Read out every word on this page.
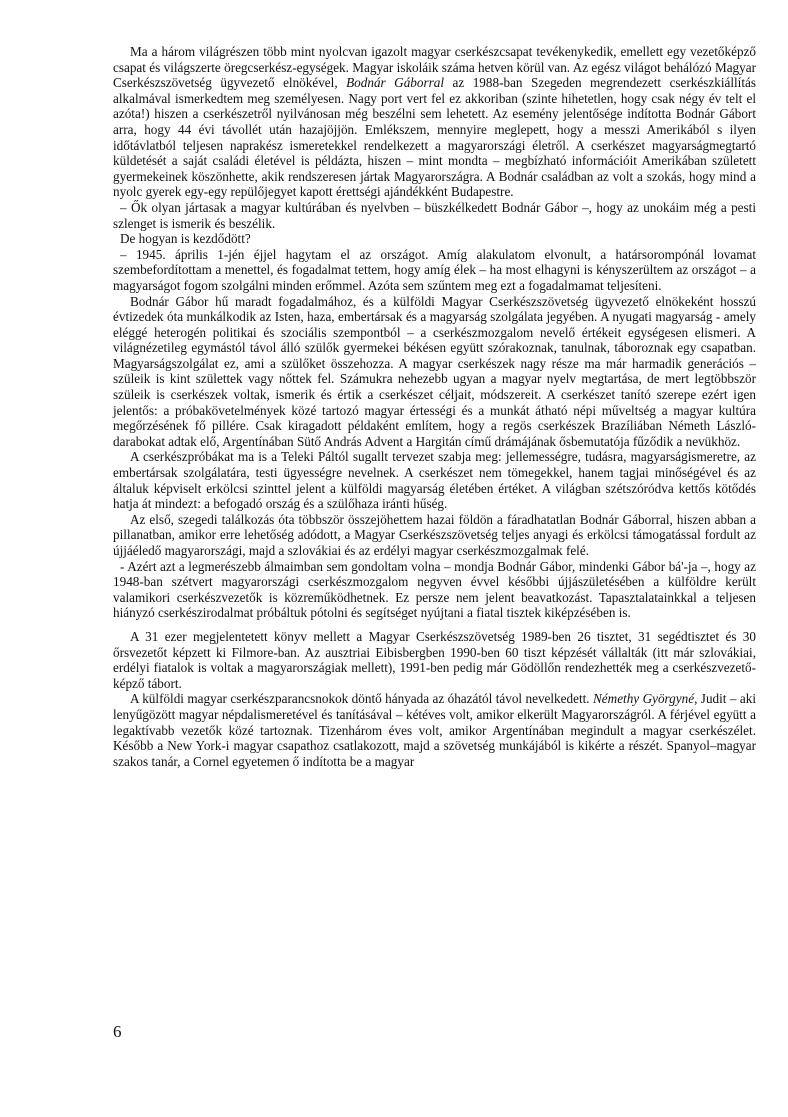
Ma a három világrészen több mint nyolcvan igazolt magyar cserkészcsapat tevékenykedik, emellett egy vezetőképző csapat és világszerte öregcserkész-egységek. Magyar iskoláik száma hetven körül van. Az egész világot behálózó Magyar Cserkészszövetség ügyvezető elnökével, Bodnár Gáborral az 1988-ban Szegeden megrendezett cserkészkiállítás alkalmával ismerkedtem meg személyesen. Nagy port vert fel ez akkoriban (szinte hihetetlen, hogy csak négy év telt el azóta!) hiszen a cserkészetről nyilvánosan még beszélni sem lehetett. Az esemény jelentősége indította Bodnár Gábort arra, hogy 44 évi távollét után hazajöjjön. Emlékszem, mennyire meglepett, hogy a messzi Amerikából s ilyen időtávlatból teljesen naprakész ismeretekkel rendelkezett a magyarországi életről. A cserkészet magyarságmegtartó küldetését a saját családi életével is példázta, hiszen – mint mondta – megbízható információit Amerikában született gyermekeinek köszönhette, akik rendszeresen jártak Magyarországra. A Bodnár családban az volt a szokás, hogy mind a nyolc gyerek egy-egy repülőjegyet kapott érettségi ajándékként Budapestre.

– Ők olyan jártasak a magyar kultúrában és nyelvben – büszkélkedett Bodnár Gábor –, hogy az unokáim még a pesti szlenget is ismerik és beszélik.

De hogyan is kezdődött?

– 1945. április 1-jén éjjel hagytam el az országot. Amíg alakulatom elvonult, a határsorompónál lovamat szembefordítottam a menettel, és fogadalmat tettem, hogy amíg élek – ha most elhagyni is kényszerültem az országot – a magyarságot fogom szolgálni minden erőmmel. Azóta sem szűntem meg ezt a fogadalmamat teljesíteni.

Bodnár Gábor hű maradt fogadalmához, és a külföldi Magyar Cserkészszövetség ügyvezető elnökeként hosszú évtizedek óta munkálkodik az Isten, haza, embertársak és a magyarság szolgálata jegyében. A nyugati magyarság - amely eléggé heterogén politikai és szociális szempontból – a cserkészmozgalom nevelő értékeit egységesen elismeri. A világnézetileg egymástól távol álló szülők gyermekei békésen együtt szórakoznak, tanulnak, táboroznak egy csapatban. Magyarságszolgálat ez, ami a szülőket összehozza. A magyar cserkészek nagy része ma már harmadik generációs – szüleik is kint születtek vagy nőttek fel. Számukra nehezebb ugyan a magyar nyelv megtartása, de mert legtöbbször szüleik is cserkészek voltak, ismerik és értik a cserkészet céljait, módszereit. A cserkészet tanító szerepe ezért igen jelentős: a próbakövetelmények közé tartozó magyar értességi és a munkát átható népi műveltség a magyar kultúra megőrzésének fő pillére. Csak kiragadott példaként említem, hogy a regös cserkészek Brazíliában Németh László-darabokat adtak elő, Argentínában Sütő András Advent a Hargitán című drámájának ősbemutatója fűződik a nevükhöz.

A cserkészpróbákat ma is a Teleki Páltól sugallt tervezet szabja meg: jellemességre, tudásra, magyarságismeretre, az embertársak szolgálatára, testi ügyességre nevelnek. A cserkészet nem tömegekkel, hanem tagjai minőségével és az általuk képviselt erkölcsi szinttel jelent a külföldi magyarság életében értéket. A világban szétszóródva kettős kötődés hatja át mindezt: a befogadó ország és a szülőhaza iránti hűség.

Az első, szegedi találkozás óta többször összejöhettem hazai földön a fáradhatatlan Bodnár Gáborral, hiszen abban a pillanatban, amikor erre lehetőség adódott, a Magyar Cserkészszövetség teljes anyagi és erkölcsi támogatással fordult az újjáéledő magyarországi, majd a szlovákiai és az erdélyi magyar cserkészmozgalmak felé.

- Azért azt a legmerészebb álmaimban sem gondoltam volna – mondja Bodnár Gábor, mindenki Gábor bá'-ja –, hogy az 1948-ban szétvert magyarországi cserkészmozgalom negyven évvel későbbi újjászületésében a külföldre került valamikori cserkészvezetők is közreműködhetnek. Ez persze nem jelent beavatkozást. Tapasztalatainkkal a teljesen hiányzó cserkészirodalmat próbáltuk pótolni és segítséget nyújtani a fiatal tisztek kiképzésében is.

A 31 ezer megjelentetett könyv mellett a Magyar Cserkészszövetség 1989-ben 26 tisztet, 31 segédtisztet és 30 őrsvezetőt képzett ki Filmore-ban. Az ausztriai Eibisbergben 1990-ben 60 tiszt képzését vállalták (itt már szlovákiai, erdélyi fiatalok is voltak a magyarországiak mellett), 1991-ben pedig már Gödöllőn rendezhették meg a cserkészvezető-képző tábort.

A külföldi magyar cserkészparancsnokok döntő hányada az óhazától távol nevelkedett. Némethy Györgyné, Judit – aki lenyűgözött magyar népdalismeretével és tanításával – kétéves volt, amikor elkerült Magyarországról. A férjével együtt a legaktívabb vezetők közé tartoznak. Tizenhárom éves volt, amikor Argentínában megindult a magyar cserkészélet. Később a New York-i magyar csapathoz csatlakozott, majd a szövetség munkájából is kikérte a részét. Spanyol–magyar szakos tanár, a Cornel egyetemen ő indította be a magyar

6
